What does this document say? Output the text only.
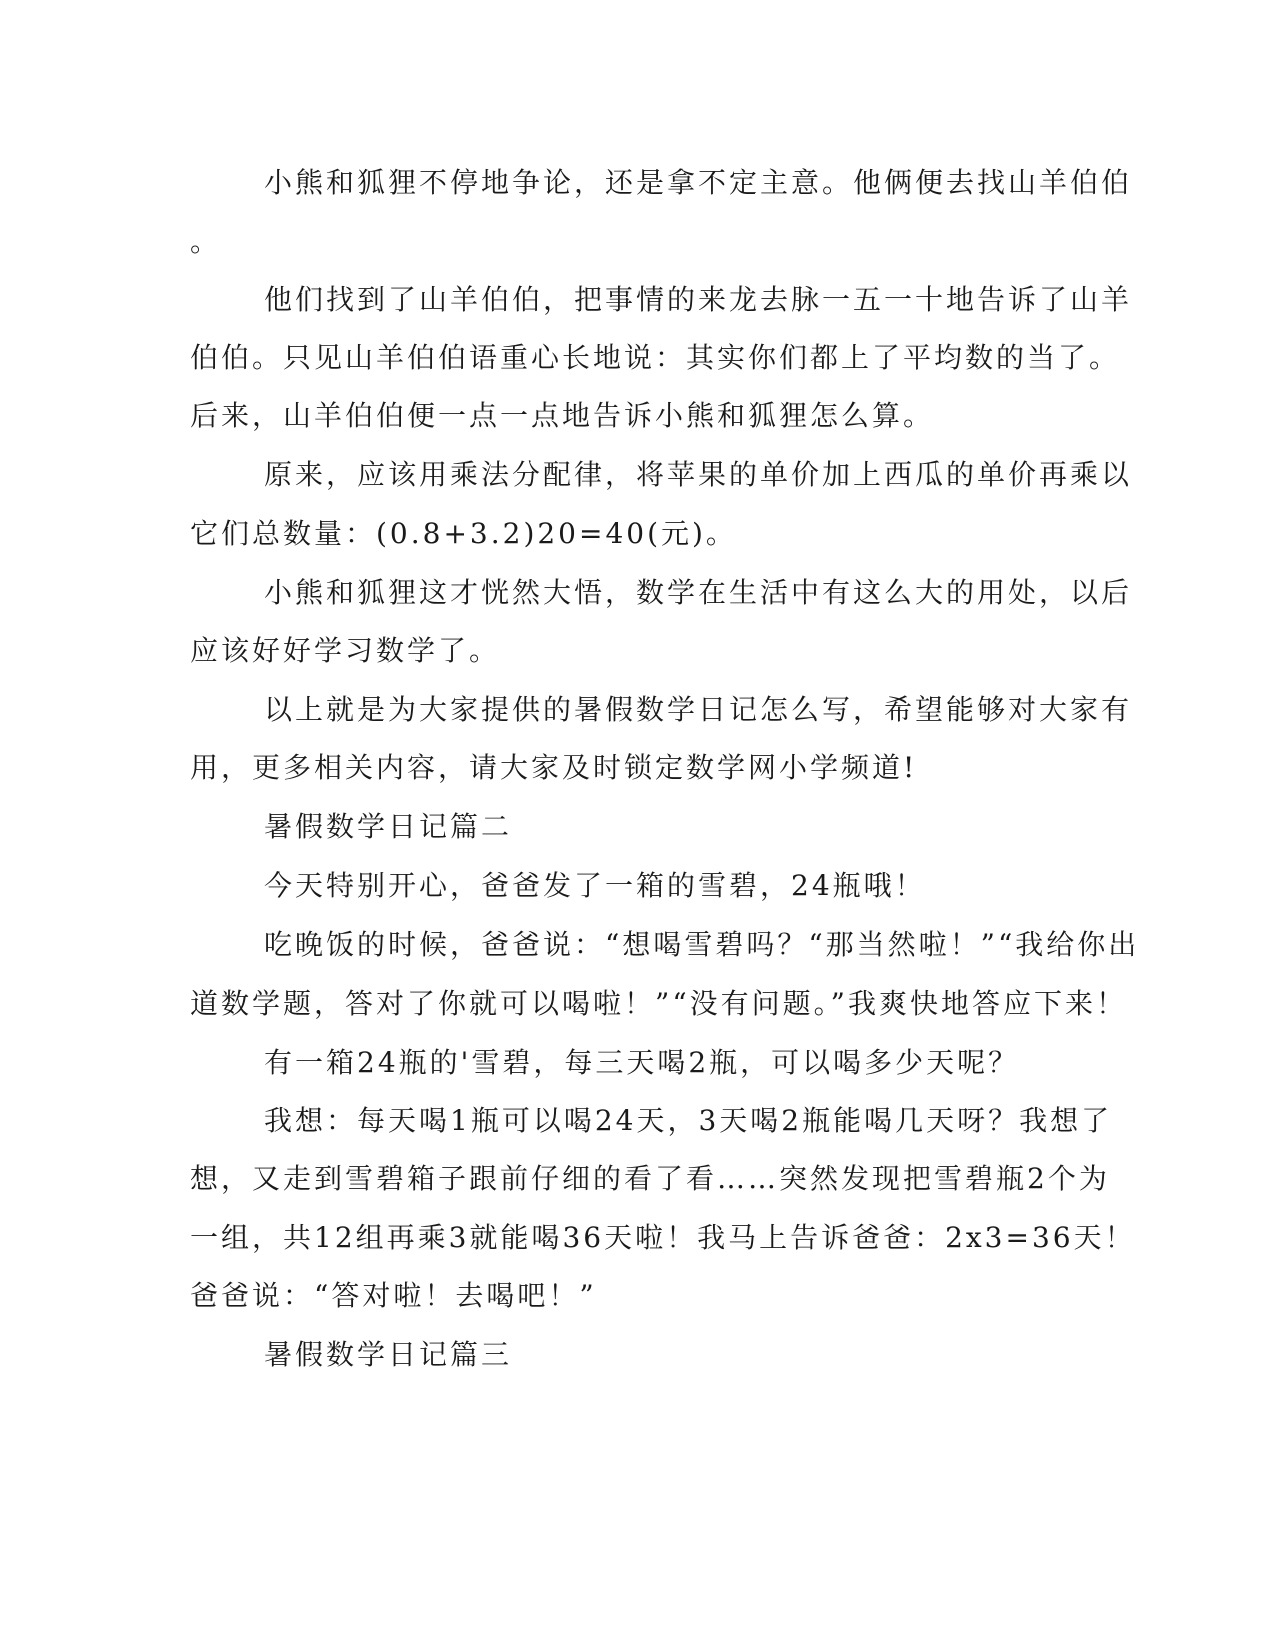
小熊和狐狸不停地争论，还是拿不定主意。他俩便去找山羊伯伯
。
他们找到了山羊伯伯，把事情的来龙去脉一五一十地告诉了山羊
伯伯。只见山羊伯伯语重心长地说：其实你们都上了平均数的当了。
后来，山羊伯伯便一点一点地告诉小熊和狐狸怎么算。
原来，应该用乘法分配律，将苹果的单价加上西瓜的单价再乘以
它们总数量：(0.8+3.2)20=40(元)。
小熊和狐狸这才恍然大悟，数学在生活中有这么大的用处，以后
应该好好学习数学了。
以上就是为大家提供的暑假数学日记怎么写，希望能够对大家有
用，更多相关内容，请大家及时锁定数学网小学频道!
暑假数学日记篇二
今天特别开心，爸爸发了一箱的雪碧，24瓶哦！
吃晚饭的时候，爸爸说：“想喝雪碧吗？“那当然啦！”“我给你出
道数学题，答对了你就可以喝啦！”“没有问题。”我爽快地答应下来！
有一箱24瓶的'雪碧，每三天喝2瓶，可以喝多少天呢？
我想：每天喝1瓶可以喝24天，3天喝2瓶能喝几天呀？我想了
想，又走到雪碧箱子跟前仔细的看了看……突然发现把雪碧瓶2个为
一组，共12组再乘3就能喝36天啦！我马上告诉爸爸：2x3=36天！
爸爸说：“答对啦！去喝吧！”
暑假数学日记篇三
